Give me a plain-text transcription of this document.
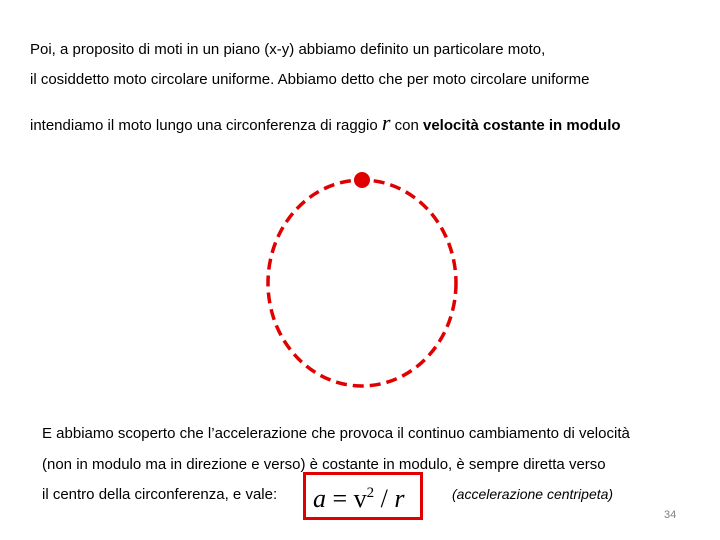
Poi, a proposito di moti in un piano (x-y) abbiamo definito un particolare moto,
il cosiddetto moto circolare uniforme. Abbiamo detto che per moto circolare uniforme
intendiamo il moto lungo una circonferenza di raggio r con velocità costante in modulo
E abbiamo scoperto che l’accelerazione che provoca il continuo cambiamento di velocità
(non in modulo ma in direzione e verso) è costante in modulo, è sempre diretta verso
il centro della circonferenza, e vale: $a = v^2 / r$	(accelerazione centripeta)
34
